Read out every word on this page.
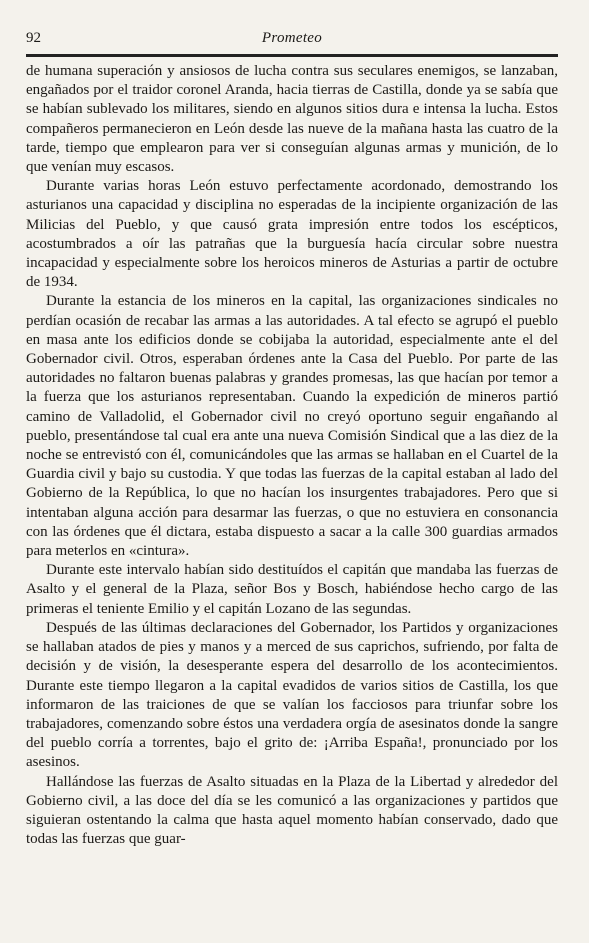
92	Prometeo

de humana superación y ansiosos de lucha contra sus seculares enemigos, se lanzaban, engañados por el traidor coronel Aranda, hacia tierras de Castilla, donde ya se sabía que se habían sublevado los militares, siendo en algunos sitios dura e intensa la lucha. Estos compañeros permanecieron en León desde las nueve de la mañana hasta las cuatro de la tarde, tiempo que emplearon para ver si conseguían algunas armas y munición, de lo que venían muy escasos.

Durante varias horas León estuvo perfectamente acordonado, demostrando los asturianos una capacidad y disciplina no esperadas de la incipiente organización de las Milicias del Pueblo, y que causó grata impresión entre todos los escépticos, acostumbrados a oír las patrañas que la burguesía hacía circular sobre nuestra incapacidad y especialmente sobre los heroicos mineros de Asturias a partir de octubre de 1934.

Durante la estancia de los mineros en la capital, las organizaciones sindicales no perdían ocasión de recabar las armas a las autoridades. A tal efecto se agrupó el pueblo en masa ante los edificios donde se cobijaba la autoridad, especialmente ante el del Gobernador civil. Otros, esperaban órdenes ante la Casa del Pueblo. Por parte de las autoridades no faltaron buenas palabras y grandes promesas, las que hacían por temor a la fuerza que los asturianos representaban. Cuando la expedición de mineros partió camino de Valladolid, el Gobernador civil no creyó oportuno seguir engañando al pueblo, presentándose tal cual era ante una nueva Comisión Sindical que a las diez de la noche se entrevistó con él, comunicándoles que las armas se hallaban en el Cuartel de la Guardia civil y bajo su custodia. Y que todas las fuerzas de la capital estaban al lado del Gobierno de la República, lo que no hacían los insurgentes trabajadores. Pero que si intentaban alguna acción para desarmar las fuerzas, o que no estuviera en consonancia con las órdenes que él dictara, estaba dispuesto a sacar a la calle 300 guardias armados para meterlos en «cintura».

Durante este intervalo habían sido destituídos el capitán que mandaba las fuerzas de Asalto y el general de la Plaza, señor Bos y Bosch, habiéndose hecho cargo de las primeras el teniente Emilio y el capitán Lozano de las segundas.

Después de las últimas declaraciones del Gobernador, los Partidos y organizaciones se hallaban atados de pies y manos y a merced de sus caprichos, sufriendo, por falta de decisión y de visión, la desesperante espera del desarrollo de los acontecimientos. Durante este tiempo llegaron a la capital evadidos de varios sitios de Castilla, los que informaron de las traiciones de que se valían los facciosos para triunfar sobre los trabajadores, comenzando sobre éstos una verdadera orgía de asesinatos donde la sangre del pueblo corría a torrentes, bajo el grito de: ¡Arriba España!, pronunciado por los asesinos.

Hallándose las fuerzas de Asalto situadas en la Plaza de la Libertad y alrededor del Gobierno civil, a las doce del día se les comunicó a las organizaciones y partidos que siguieran ostentando la calma que hasta aquel momento habían conservado, dado que todas las fuerzas que guar-
